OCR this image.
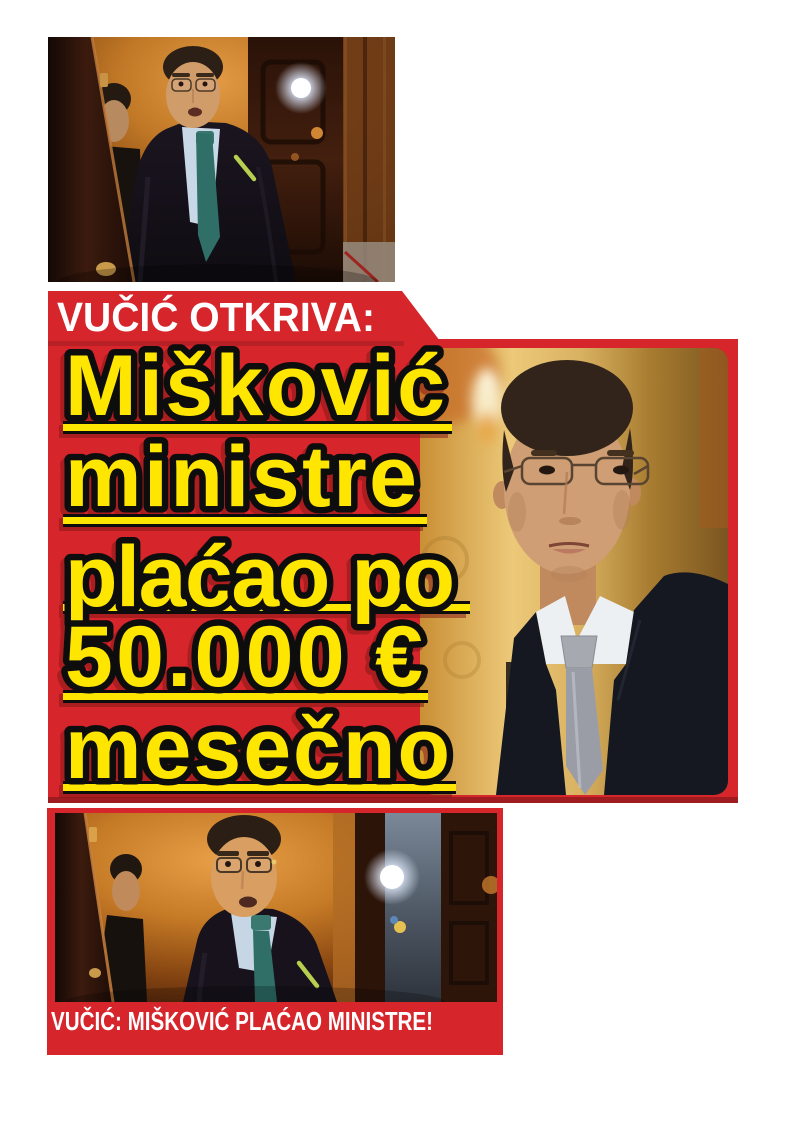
VUČIĆ OTKRIVA:
Mišković
ministre
plaćao po
50.000 €
mesečno
VUČIĆ: MIŠKOVIĆ PLAĆAO MINISTRE!
